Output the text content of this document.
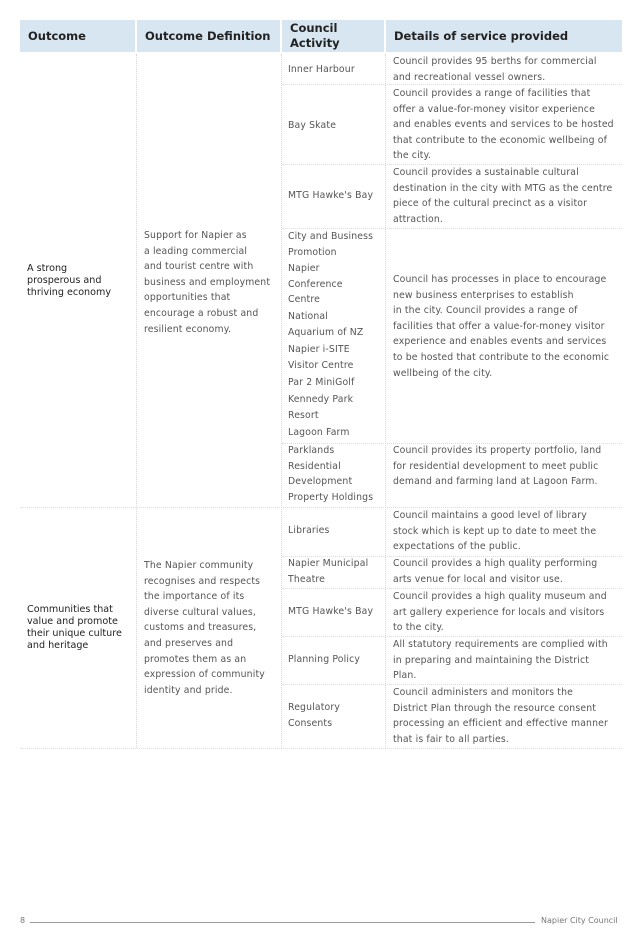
Outcome	Outcome Definition
Council
Activity
Details of service provided
A strong
prosperous and
thriving economy
Support for Napier as
a leading commercial
and tourist centre with
business and employment
opportunities that
encourage a robust and
resilient economy.
Inner Harbour
Bay Skate
MTG Hawke's Bay
City and Business
Promotion
Napier
Conference
Centre
National
Aquarium of NZ
Napier i-SITE
Visitor Centre
Par 2 MiniGolf
Kennedy Park
Resort
Lagoon Farm
Parklands
Residential
Development
Property Holdings
Council provides 95 berths for commercial
and recreational vessel owners.
Council provides a range of facilities that
offer a value-for-money visitor experience
and enables events and services to be hosted
that contribute to the economic wellbeing of
the city.
Council provides a sustainable cultural
destination in the city with MTG as the centre
piece of the cultural precinct as a visitor
attraction.
Council has processes in place to encourage
new business enterprises to establish
in the city. Council provides a range of
facilities that offer a value-for-money visitor
experience and enables events and services
to be hosted that contribute to the economic
wellbeing of the city.
Council provides its property portfolio, land
for residential development to meet public
demand and farming land at Lagoon Farm.
Communities that
value and promote
their unique culture
and heritage
The Napier community
recognises and respects
the importance of its
diverse cultural values,
customs and treasures,
and preserves and
promotes them as an
expression of community
identity and pride.
Libraries
Napier Municipal
Theatre
MTG Hawke's Bay
Planning Policy
Regulatory
Consents
Council maintains a good level of library
stock which is kept up to date to meet the
expectations of the public.
Council provides a high quality performing
arts venue for local and visitor use.
Council provides a high quality museum and
art gallery experience for locals and visitors
to the city.
All statutory requirements are complied with
in preparing and maintaining the District
Plan.
Council administers and monitors the
District Plan through the resource consent
processing an efficient and effective manner
that is fair to all parties.
8	Napier City Council
